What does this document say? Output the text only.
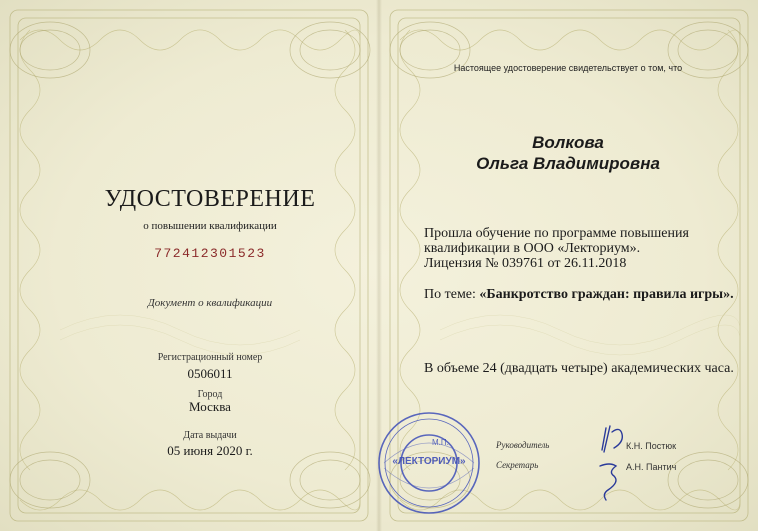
УДОСТОВЕРЕНИЕ
о повышении квалификации
772412301523
Документ о квалификации
Регистрационный номер
0506011
Город
Москва
Дата выдачи
05 июня 2020 г.
Настоящее удостоверение свидетельствует о том, что
Волкова
Ольга Владимировна
Прошла обучение по программе повышения
квалификации в ООО «Лекториум».
Лицензия № 039761 от 26.11.2018
По теме: «Банкротство граждан: правила игры».
В объеме 24 (двадцать четыре) академических часа.
Руководитель
Секретарь
К.Н. Постюк
А.Н. Пантич
«ЛЕКТОРИУМ»
М.П.
